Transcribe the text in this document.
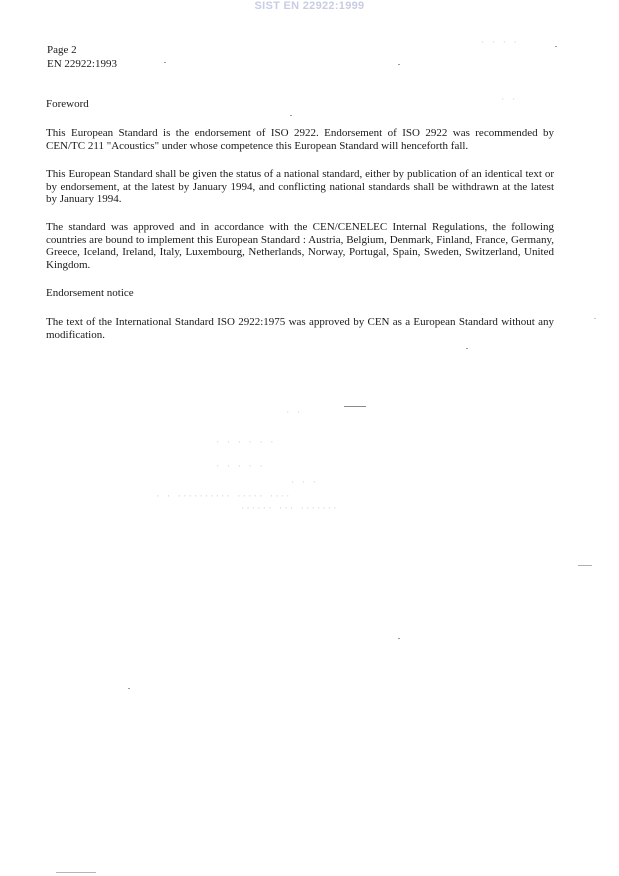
SIST EN 22922:1999
Page 2
EN 22922:1993
Foreword
This European Standard is the endorsement of ISO 2922. Endorsement of ISO 2922 was recommended by CEN/TC 211 "Acoustics" under whose competence this European Standard will henceforth fall.
This European Standard shall be given the status of a national standard, either by publication of an identical text or by endorsement, at the latest by January 1994, and conflicting national standards shall be withdrawn at the latest by January 1994.
The standard was approved and in accordance with the CEN/CENELEC Internal Regulations, the following countries are bound to implement this European Standard : Austria, Belgium, Denmark, Finland, France, Germany, Greece, Iceland, Ireland, Italy, Luxembourg, Netherlands, Norway, Portugal, Spain, Sweden, Switzerland, United Kingdom.
Endorsement notice
The text of the International Standard ISO 2922:1975 was approved by CEN as a European Standard without any modification.
· · · ·
· ·
· ·
· · · · · ·
· · · · ·
· · ·
· · ·········· ····· ····
······ ··· ·······
